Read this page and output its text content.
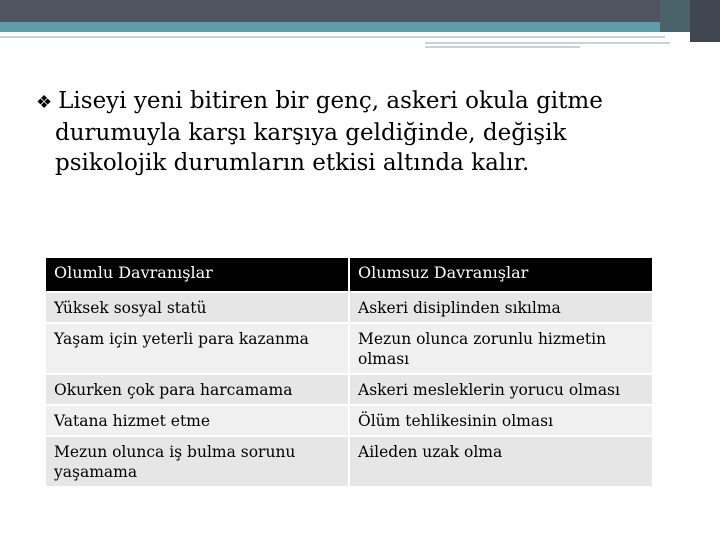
❖ Liseyi yeni bitiren bir genç, askeri okula gitme
durumuyla karşı karşıya geldiğinde, değişik
psikolojik durumların etkisi altında kalır.
Olumlu Davranışlar	Olumsuz Davranışlar
Yüksek sosyal statü	Askeri disiplinden sıkılma
Yaşam için yeterli para kazanma	Mezun olunca zorunlu hizmetin olması
Okurken çok para harcamama	Askeri mesleklerin yorucu olması
Vatana hizmet etme	Ölüm tehlikesinin olması
Mezun olunca iş bulma sorunu yaşamama	Aileden uzak olma
